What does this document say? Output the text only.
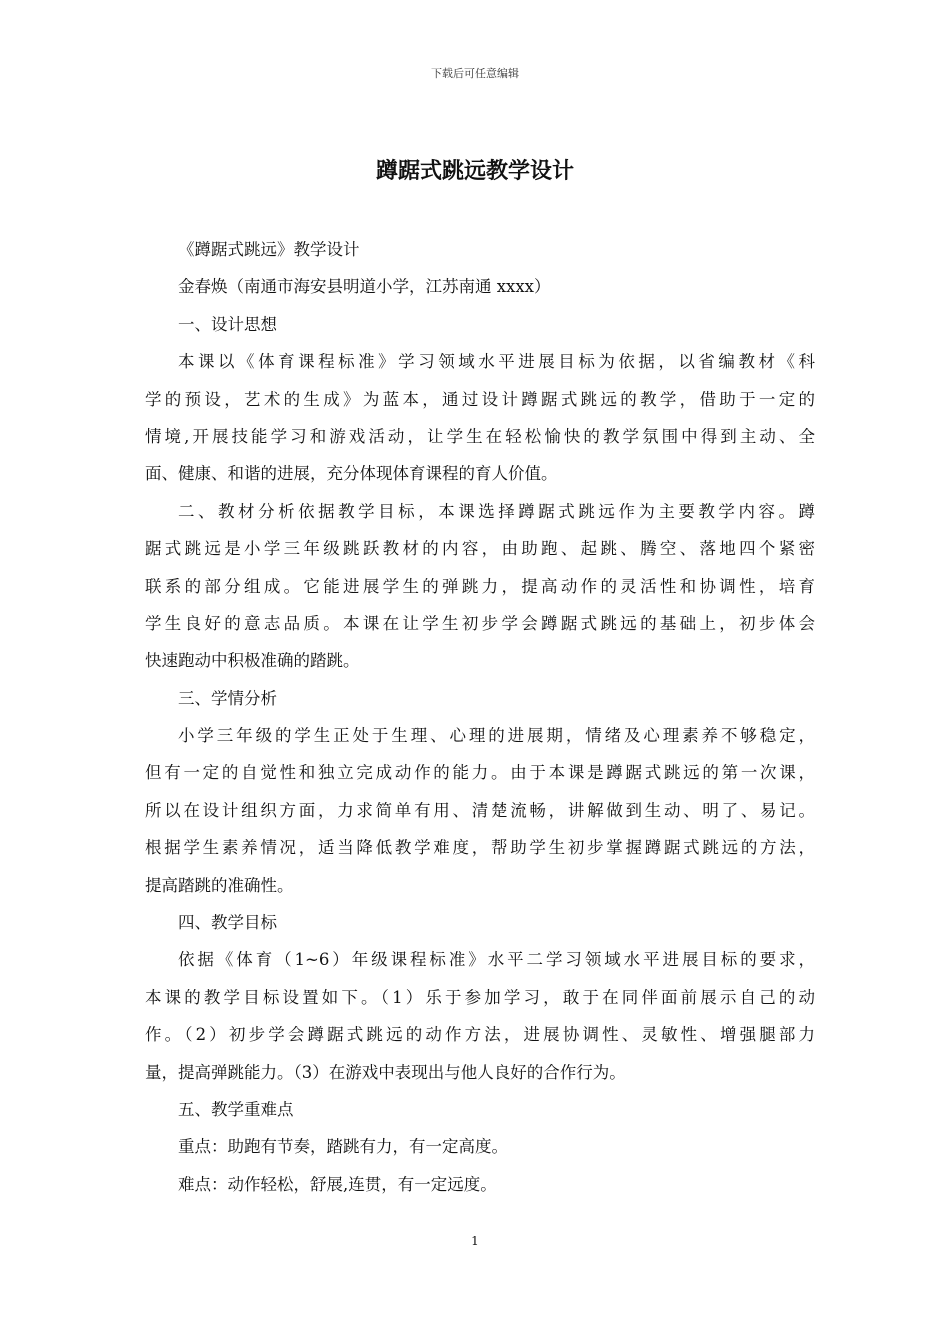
下载后可任意编辑
蹲踞式跳远教学设计
《蹲踞式跳远》教学设计
金春焕（南通市海安县明道小学，江苏南通 xxxx）
一、设计思想
本课以《体育课程标准》学习领域水平进展目标为依据，以省编教材《科
学的预设，艺术的生成》为蓝本，通过设计蹲踞式跳远的教学，借助于一定的
情境,开展技能学习和游戏活动，让学生在轻松愉快的教学氛围中得到主动、全
面、健康、和谐的进展，充分体现体育课程的育人价值。
二、教材分析依据教学目标，本课选择蹲踞式跳远作为主要教学内容。蹲
踞式跳远是小学三年级跳跃教材的内容，由助跑、起跳、腾空、落地四个紧密
联系的部分组成。它能进展学生的弹跳力，提高动作的灵活性和协调性，培育
学生良好的意志品质。本课在让学生初步学会蹲踞式跳远的基础上，初步体会
快速跑动中积极准确的踏跳。
三、学情分析
小学三年级的学生正处于生理、心理的进展期，情绪及心理素养不够稳定，
但有一定的自觉性和独立完成动作的能力。由于本课是蹲踞式跳远的第一次课，
所以在设计组织方面，力求简单有用、清楚流畅，讲解做到生动、明了、易记。
根据学生素养情况，适当降低教学难度，帮助学生初步掌握蹲踞式跳远的方法，
提高踏跳的准确性。
四、教学目标
依据《体育（1~6）年级课程标准》水平二学习领域水平进展目标的要求，
本课的教学目标设置如下。（1）乐于参加学习，敢于在同伴面前展示自己的动
作。（2）初步学会蹲踞式跳远的动作方法，进展协调性、灵敏性、增强腿部力
量，提高弹跳能力。（3）在游戏中表现出与他人良好的合作行为。
五、教学重难点
重点：助跑有节奏，踏跳有力，有一定高度。
难点：动作轻松，舒展,连贯，有一定远度。
1
